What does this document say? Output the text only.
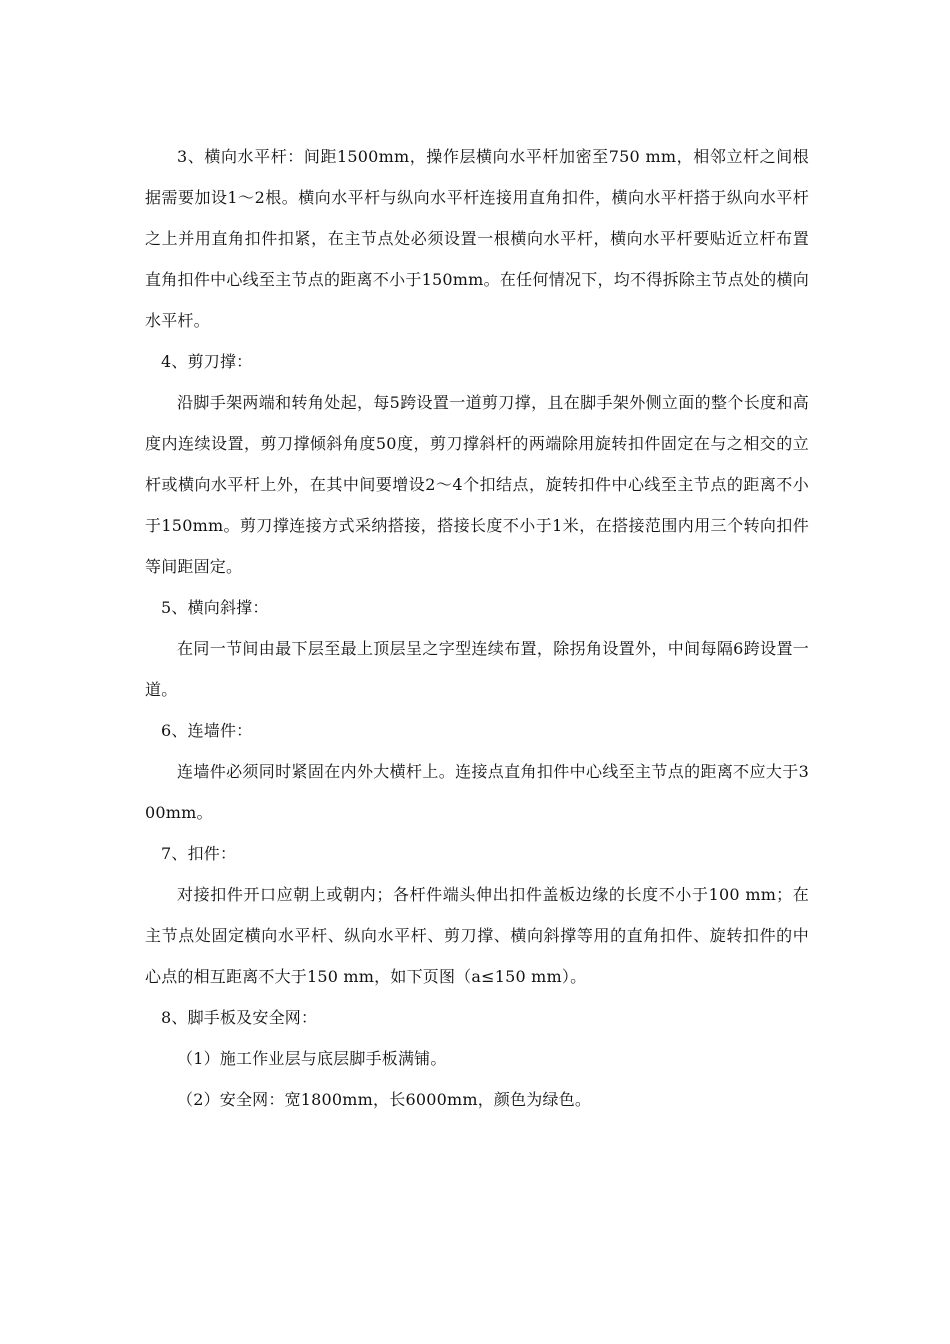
3、横向水平杆：间距1500mm，操作层横向水平杆加密至750 mm，相邻立杆之间根据需要加设1～2根。横向水平杆与纵向水平杆连接用直角扣件，横向水平杆搭于纵向水平杆之上并用直角扣件扣紧，在主节点处必须设置一根横向水平杆，横向水平杆要贴近立杆布置直角扣件中心线至主节点的距离不小于150mm。在任何情况下，均不得拆除主节点处的横向水平杆。

4、剪刀撑：

沿脚手架两端和转角处起，每5跨设置一道剪刀撑，且在脚手架外侧立面的整个长度和高度内连续设置，剪刀撑倾斜角度50度，剪刀撑斜杆的两端除用旋转扣件固定在与之相交的立杆或横向水平杆上外，在其中间要增设2～4个扣结点，旋转扣件中心线至主节点的距离不小于150mm。剪刀撑连接方式采纳搭接，搭接长度不小于1米，在搭接范围内用三个转向扣件等间距固定。

5、横向斜撑：

在同一节间由最下层至最上顶层呈之字型连续布置，除拐角设置外，中间每隔6跨设置一道。

6、连墙件：

连墙件必须同时紧固在内外大横杆上。连接点直角扣件中心线至主节点的距离不应大于300mm。

7、扣件：

对接扣件开口应朝上或朝内；各杆件端头伸出扣件盖板边缘的长度不小于100 mm；在主节点处固定横向水平杆、纵向水平杆、剪刀撑、横向斜撑等用的直角扣件、旋转扣件的中心点的相互距离不大于150 mm，如下页图（a≤150 mm）。

8、脚手板及安全网：

（1）施工作业层与底层脚手板满铺。

（2）安全网：宽1800mm，长6000mm，颜色为绿色。
